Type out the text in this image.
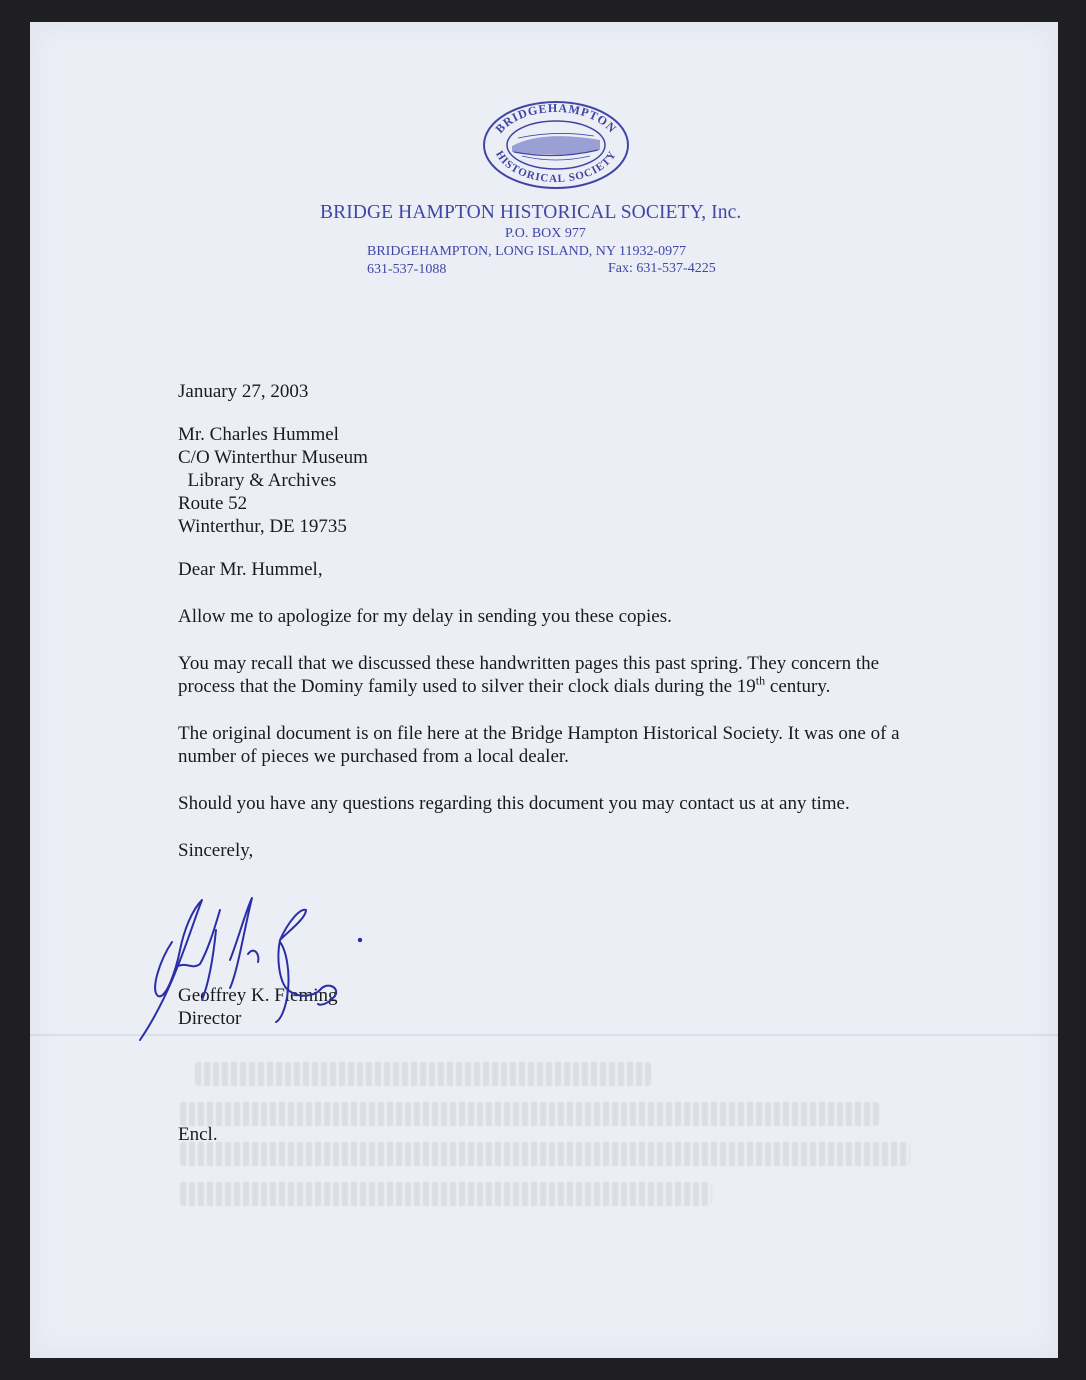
BRIDGEHAMPTON
HISTORICAL SOCIETY
BRIDGE HAMPTON HISTORICAL SOCIETY, Inc.
P.O. BOX 977
BRIDGEHAMPTON, LONG ISLAND, NY 11932-0977
631-537-1088	Fax: 631-537-4225

January 27, 2003

Mr. Charles Hummel
C/O Winterthur Museum
Library & Archives
Route 52
Winterthur, DE 19735

Dear Mr. Hummel,

Allow me to apologize for my delay in sending you these copies.

You may recall that we discussed these handwritten pages this past spring. They concern the process that the Dominy family used to silver their clock dials during the 19th century.

The original document is on file here at the Bridge Hampton Historical Society. It was one of a number of pieces we purchased from a local dealer.

Should you have any questions regarding this document you may contact us at any time.

Sincerely,

Geoffrey K. Fleming
Director
Encl.
